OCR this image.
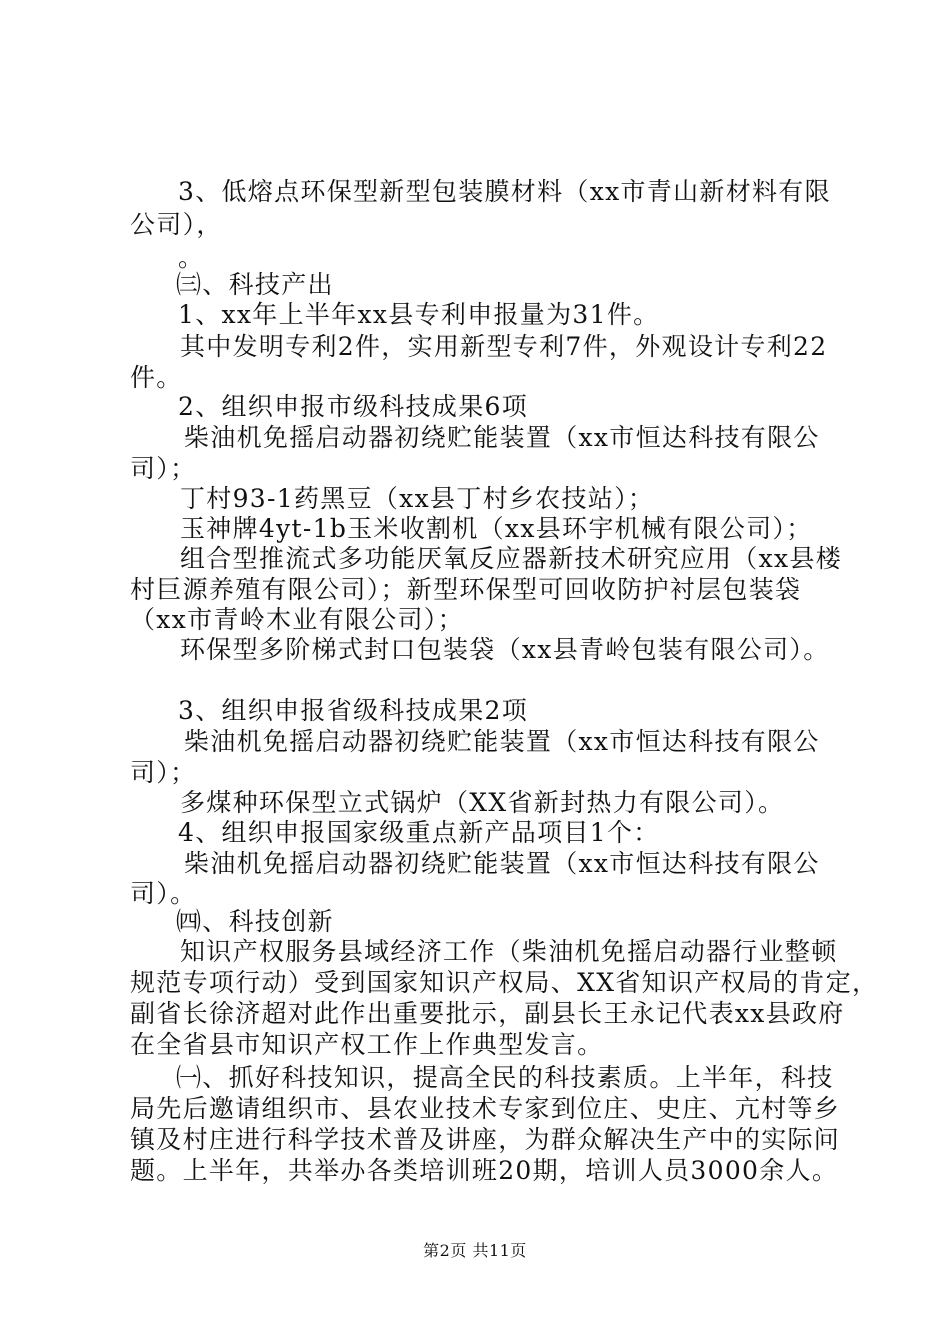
3、低熔点环保型新型包装膜材料（xx市青山新材料有限
公司），
。
㈢、科技产出
1、xx年上半年xx县专利申报量为31件。
其中发明专利2件，实用新型专利7件，外观设计专利22
件。
2、组织申报市级科技成果6项
柴油机免摇启动器初绕贮能装置（xx市恒达科技有限公
司）；
丁村93-1药黑豆（xx县丁村乡农技站）；
玉神牌4yt-1b玉米收割机（xx县环宇机械有限公司）；
组合型推流式多功能厌氧反应器新技术研究应用（xx县楼
村巨源养殖有限公司）；新型环保型可回收防护衬层包装袋
（xx市青岭木业有限公司）；
环保型多阶梯式封口包装袋（xx县青岭包装有限公司）。
3、组织申报省级科技成果2项
柴油机免摇启动器初绕贮能装置（xx市恒达科技有限公
司）；
多煤种环保型立式锅炉（XX省新封热力有限公司）。
4、组织申报国家级重点新产品项目1个：
柴油机免摇启动器初绕贮能装置（xx市恒达科技有限公
司）。
㈣、科技创新
知识产权服务县域经济工作（柴油机免摇启动器行业整顿
规范专项行动）受到国家知识产权局、XX省知识产权局的肯定，
副省长徐济超对此作出重要批示，副县长王永记代表xx县政府
在全省县市知识产权工作上作典型发言。
㈠、抓好科技知识，提高全民的科技素质。上半年，科技
局先后邀请组织市、县农业技术专家到位庄、史庄、亢村等乡
镇及村庄进行科学技术普及讲座，为群众解决生产中的实际问
题。上半年，共举办各类培训班20期，培训人员3000余人。
第2页 共11页
